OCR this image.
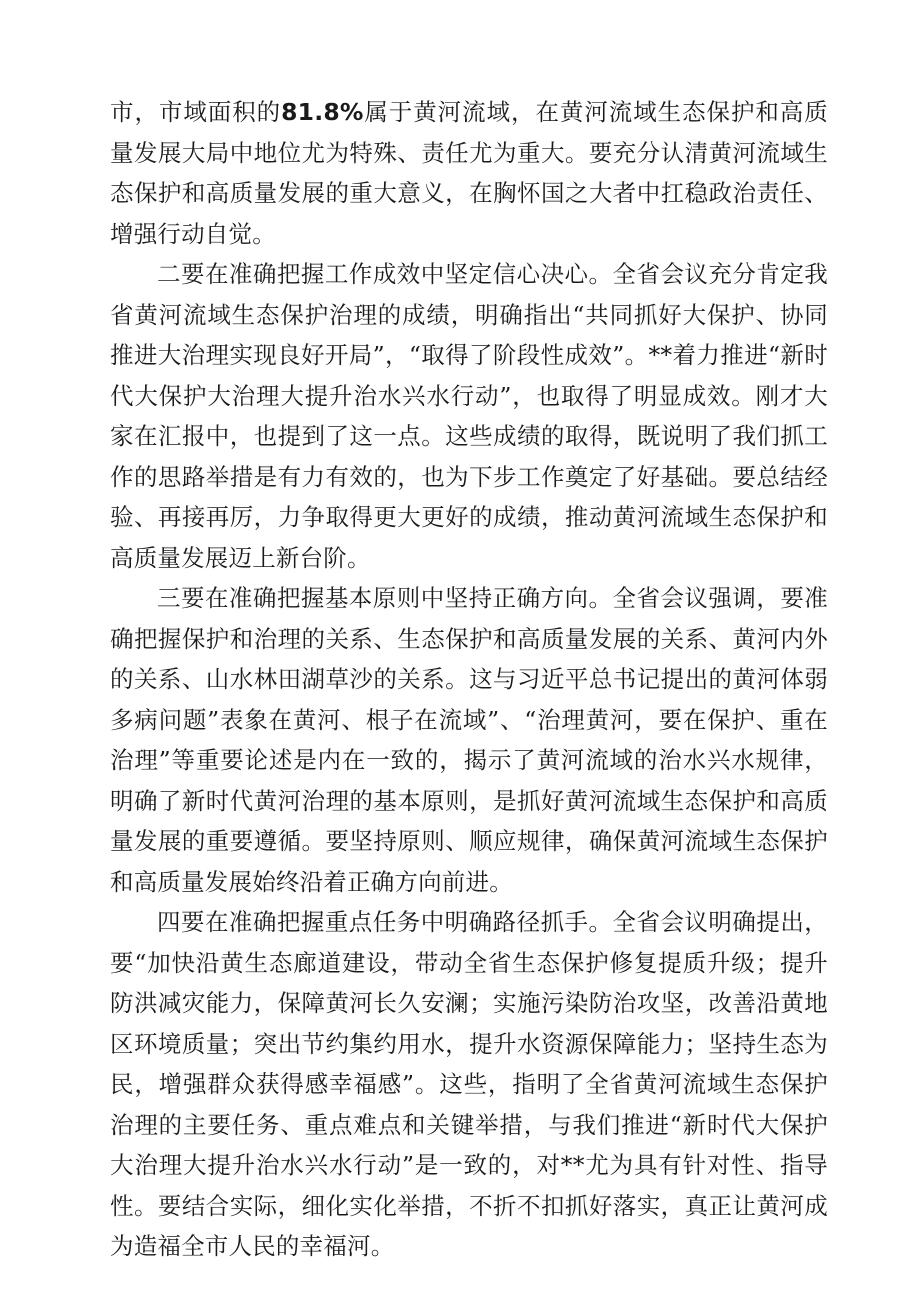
市，市域面积的81.8%属于黄河流域，在黄河流域生态保护和高质量发展大局中地位尤为特殊、责任尤为重大。要充分认清黄河流域生态保护和高质量发展的重大意义，在胸怀国之大者中扛稳政治责任、增强行动自觉。

二要在准确把握工作成效中坚定信心决心。全省会议充分肯定我省黄河流域生态保护治理的成绩，明确指出“共同抓好大保护、协同推进大治理实现良好开局”，“取得了阶段性成效”。**着力推进“新时代大保护大治理大提升治水兴水行动”，也取得了明显成效。刚才大家在汇报中，也提到了这一点。这些成绩的取得，既说明了我们抓工作的思路举措是有力有效的，也为下步工作奠定了好基础。要总结经验、再接再厉，力争取得更大更好的成绩，推动黄河流域生态保护和高质量发展迈上新台阶。

三要在准确把握基本原则中坚持正确方向。全省会议强调，要准确把握保护和治理的关系、生态保护和高质量发展的关系、黄河内外的关系、山水林田湖草沙的关系。这与习近平总书记提出的黄河体弱多病问题”表象在黄河、根子在流域”、“治理黄河，要在保护、重在治理”等重要论述是内在一致的，揭示了黄河流域的治水兴水规律，明确了新时代黄河治理的基本原则，是抓好黄河流域生态保护和高质量发展的重要遵循。要坚持原则、顺应规律，确保黄河流域生态保护和高质量发展始终沿着正确方向前进。

四要在准确把握重点任务中明确路径抓手。全省会议明确提出，要“加快沿黄生态廊道建设，带动全省生态保护修复提质升级；提升防洪减灾能力，保障黄河长久安澜；实施污染防治攻坚，改善沿黄地区环境质量；突出节约集约用水，提升水资源保障能力；坚持生态为民，增强群众获得感幸福感”。这些，指明了全省黄河流域生态保护治理的主要任务、重点难点和关键举措，与我们推进“新时代大保护大治理大提升治水兴水行动”是一致的，对**尤为具有针对性、指导性。要结合实际，细化实化举措，不折不扣抓好落实，真正让黄河成为造福全市人民的幸福河。
